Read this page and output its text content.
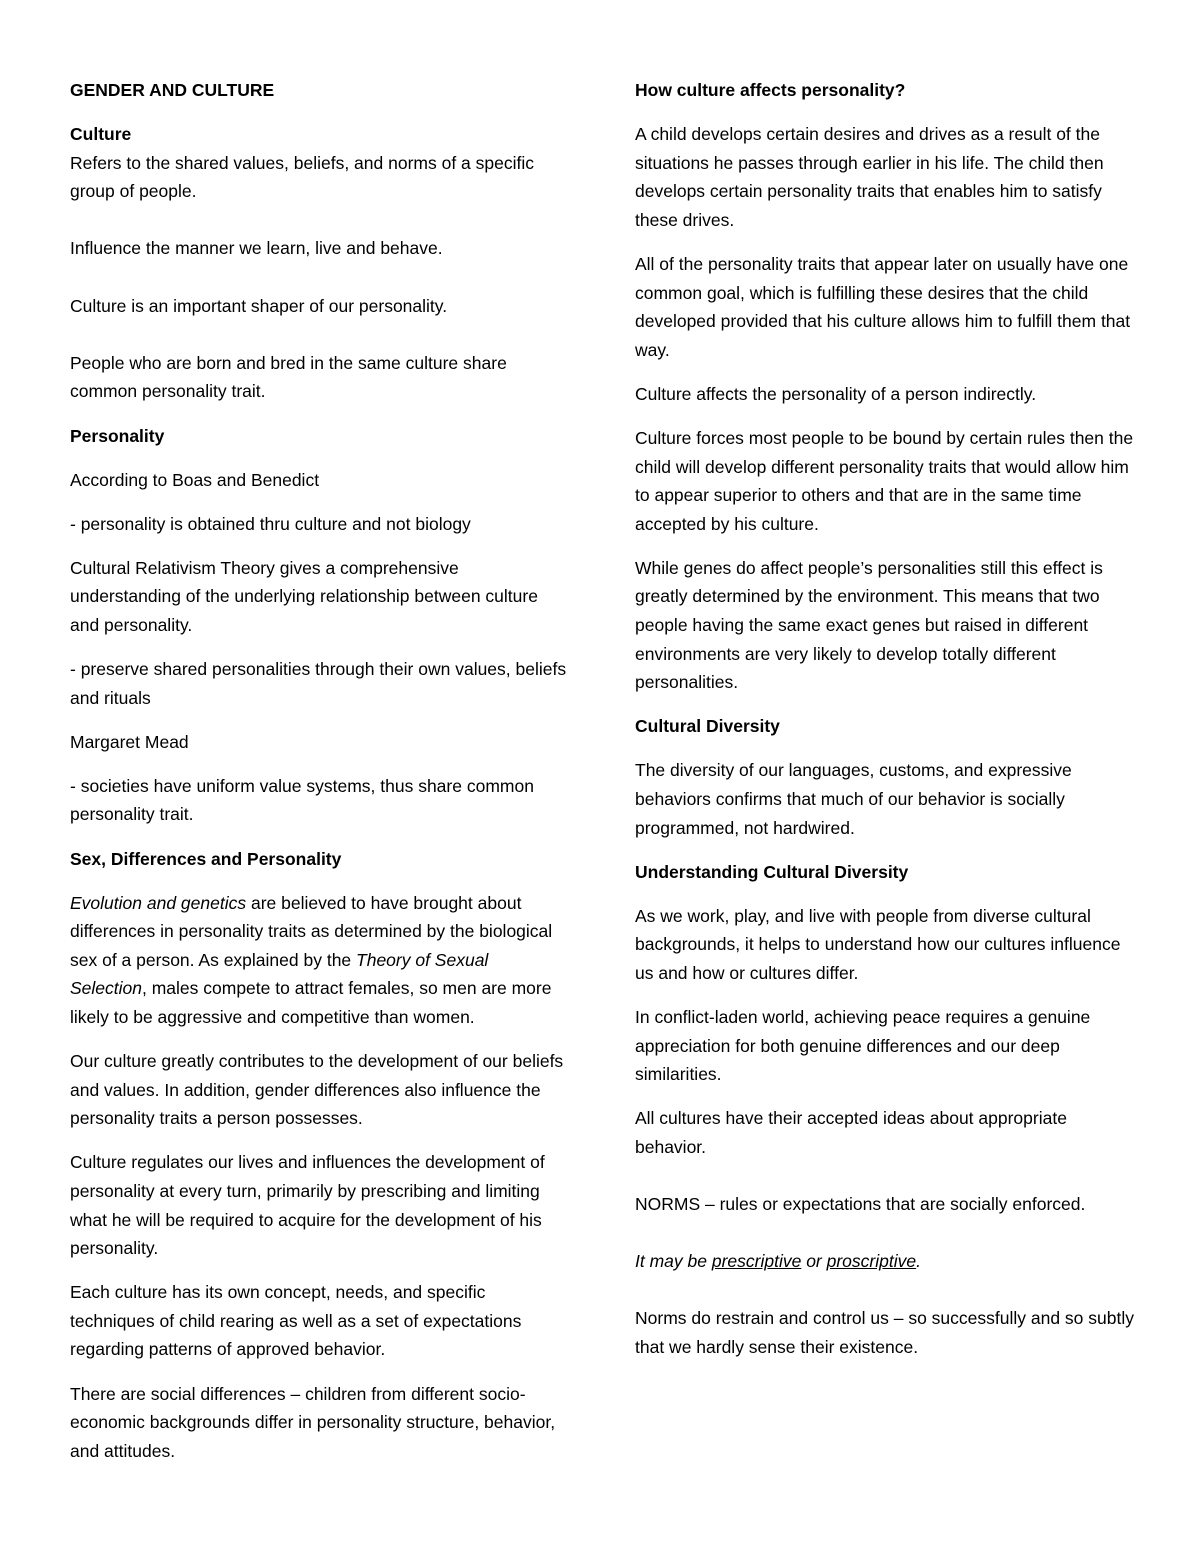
GENDER AND CULTURE

Culture

Refers to the shared values, beliefs, and norms of a specific group of people.

Influence the manner we learn, live and behave.

Culture is an important shaper of our personality.

People who are born and bred in the same culture share common personality trait.

Personality

According to Boas and Benedict

- personality is obtained thru culture and not biology

Cultural Relativism Theory gives a comprehensive understanding of the underlying relationship between culture and personality.

- preserve shared personalities through their own values, beliefs and rituals

Margaret Mead

- societies have uniform value systems, thus share common personality trait.

Sex, Differences and Personality

Evolution and genetics are believed to have brought about differences in personality traits as determined by the biological sex of a person. As explained by the Theory of Sexual Selection, males compete to attract females, so men are more likely to be aggressive and competitive than women.

Our culture greatly contributes to the development of our beliefs and values. In addition, gender differences also influence the personality traits a person possesses.

Culture regulates our lives and influences the development of personality at every turn, primarily by prescribing and limiting what he will be required to acquire for the development of his personality.

Each culture has its own concept, needs, and specific techniques of child rearing as well as a set of expectations regarding patterns of approved behavior.

There are social differences – children from different socio-economic backgrounds differ in personality structure, behavior, and attitudes.

How culture affects personality?

A child develops certain desires and drives as a result of the situations he passes through earlier in his life. The child then develops certain personality traits that enables him to satisfy these drives.

All of the personality traits that appear later on usually have one common goal, which is fulfilling these desires that the child developed provided that his culture allows him to fulfill them that way.

Culture affects the personality of a person indirectly.

Culture forces most people to be bound by certain rules then the child will develop different personality traits that would allow him to appear superior to others and that are in the same time accepted by his culture.

While genes do affect people’s personalities still this effect is greatly determined by the environment. This means that two people having the same exact genes but raised in different environments are very likely to develop totally different personalities.

Cultural Diversity

The diversity of our languages, customs, and expressive behaviors confirms that much of our behavior is socially programmed, not hardwired.

Understanding Cultural Diversity

As we work, play, and live with people from diverse cultural backgrounds, it helps to understand how our cultures influence us and how or cultures differ.

In conflict-laden world, achieving peace requires a genuine appreciation for both genuine differences and our deep similarities.

All cultures have their accepted ideas about appropriate behavior.

NORMS – rules or expectations that are socially enforced.

It may be prescriptive or proscriptive.

Norms do restrain and control us – so successfully and so subtly that we hardly sense their existence.
